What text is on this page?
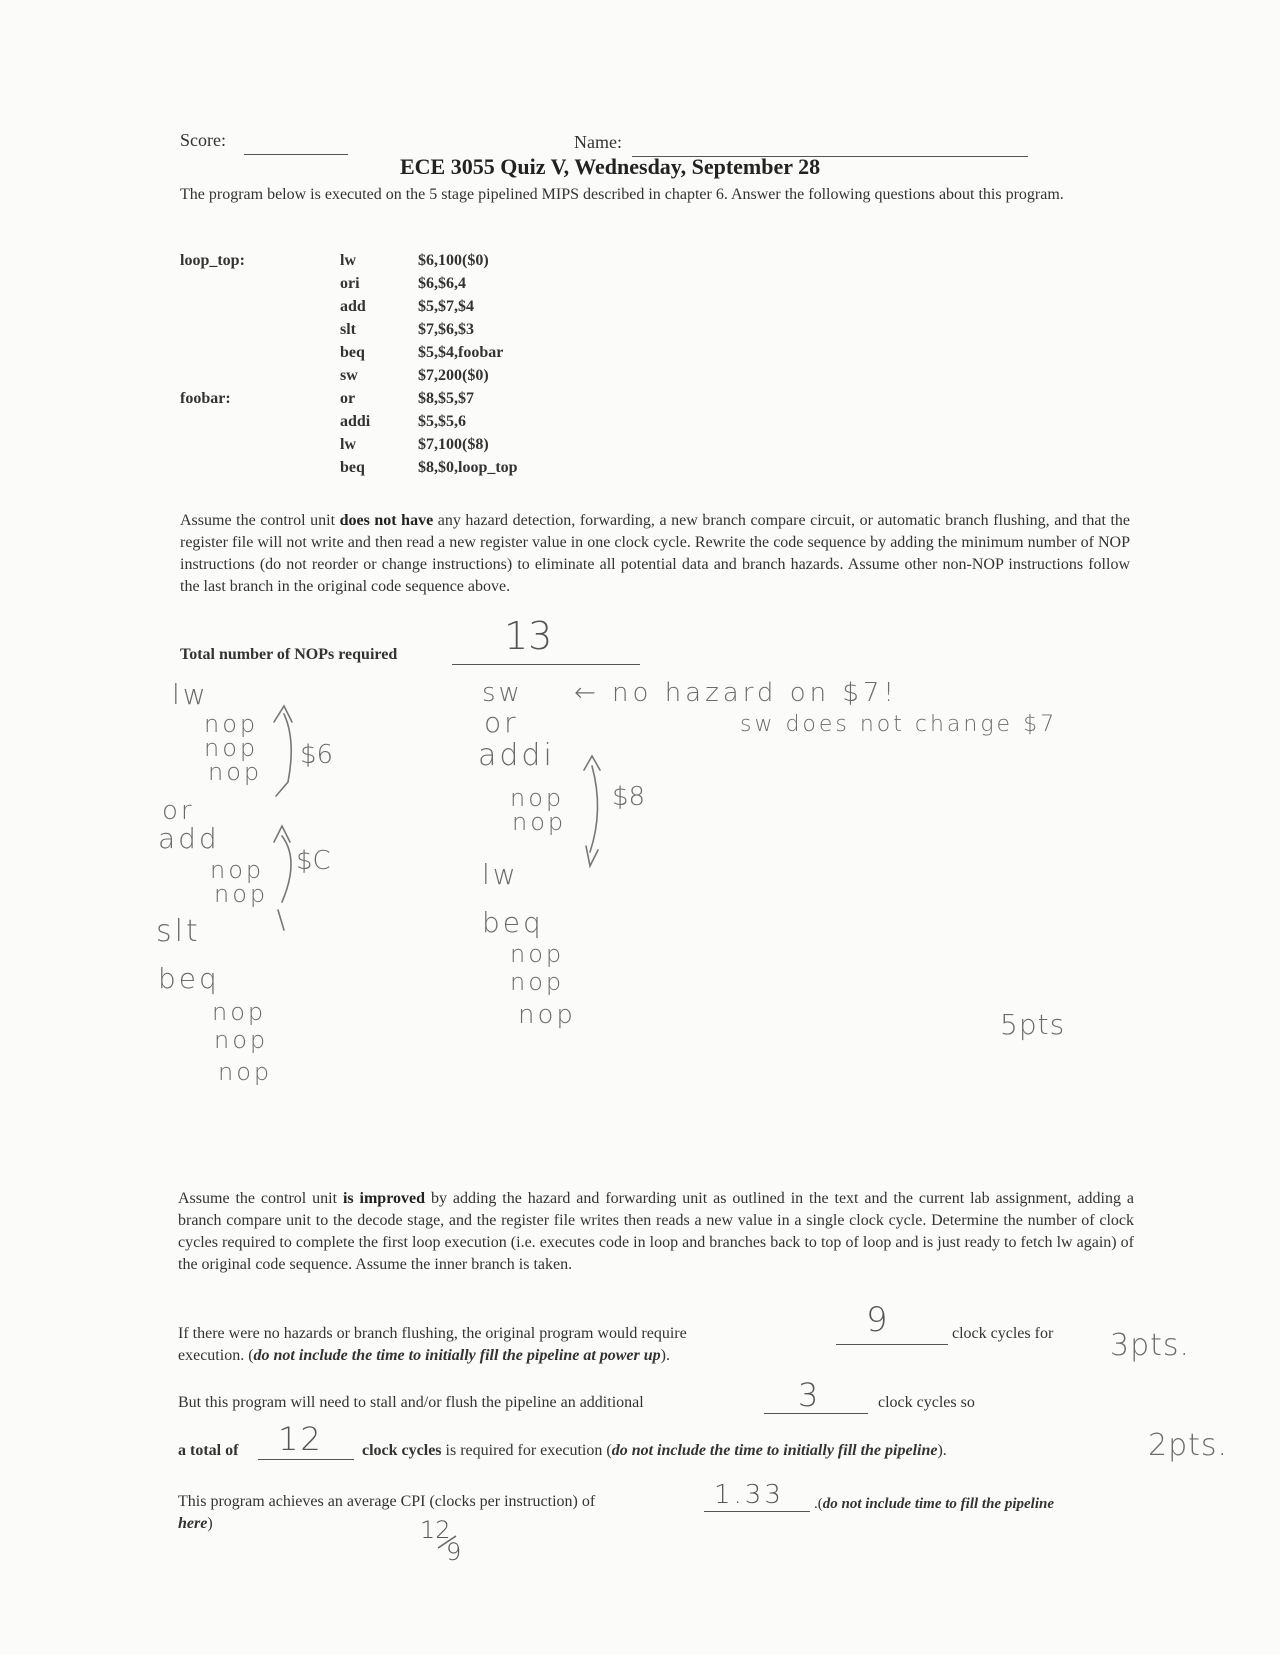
Score:	Name:
ECE 3055 Quiz V, Wednesday, September 28
The program below is executed on the 5 stage pipelined MIPS described in chapter 6. Answer the following questions about this program.
loop_top:	lw	$6,100($0)
ori	$6,$6,4
add	$5,$7,$4
slt	$7,$6,$3
beq	$5,$4,foobar
sw	$7,200($0)
foobar:	or	$8,$5,$7
addi	$5,$5,6
lw	$7,100($8)
beq	$8,$0,loop_top
Assume the control unit does not have any hazard detection, forwarding, a new branch compare circuit, or automatic branch flushing, and that the register file will not write and then read a new register value in one clock cycle. Rewrite the code sequence by adding the minimum number of NOP instructions (do not reorder or change instructions) to eliminate all potential data and branch hazards. Assume other non-NOP instructions follow the last branch in the original code sequence above.
Total number of NOPs required	13
lw
nop
nop
nop
$6
or
add
nop
nop
$C
slt
beq
nop
nop
nop
sw
or
addi
nop
nop
$8
lw
beq
nop
nop
nop
← no hazard on $7!
sw does not change $7
5pts
Assume the control unit is improved by adding the hazard and forwarding unit as outlined in the text and the current lab assignment, adding a branch compare unit to the decode stage, and the register file writes then reads a new value in a single clock cycle. Determine the number of clock cycles required to complete the first loop execution (i.e. executes code in loop and branches back to top of loop and is just ready to fetch lw again) of the original code sequence. Assume the inner branch is taken.
If there were no hazards or branch flushing, the original program would require	9	clock cycles for
execution. (do not include the time to initially fill the pipeline at power up).	3pts.
But this program will need to stall and/or flush the pipeline an additional	3	clock cycles so
a total of 12 clock cycles is required for execution (do not include the time to initially fill the pipeline).	2pts.
This program achieves an average CPI (clocks per instruction) of	1.33 .(do not include time to fill the pipeline
here)	12
9
